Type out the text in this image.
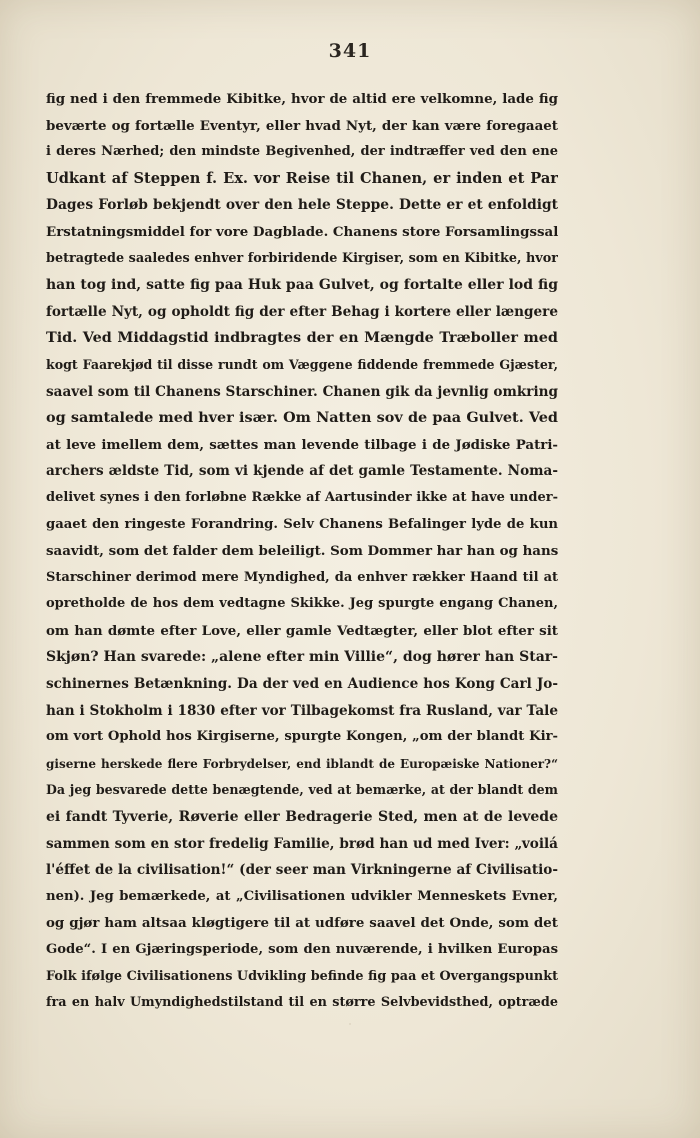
341
fig ned i den fremmede Kibitke, hvor de altid ere velkomne, lade fig
beværte og fortælle Eventyr, eller hvad Nyt, der kan være foregaaet
i deres Nærhed; den mindste Begivenhed, der indtræffer ved den ene
Udkant af Steppen f. Ex. vor Reise til Chanen, er inden et Par
Dages Forløb bekjendt over den hele Steppe. Dette er et enfoldigt
Erstatningsmiddel for vore Dagblade. Chanens store Forsamlingssal
betragtede saaledes enhver forbiridende Kirgiser, som en Kibitke, hvor
han tog ind, satte fig paa Huk paa Gulvet, og fortalte eller lod fig
fortælle Nyt, og opholdt fig der efter Behag i kortere eller længere
Tid. Ved Middagstid indbragtes der en Mængde Træboller med
kogt Faarekjød til disse rundt om Væggene fiddende fremmede Gjæster,
saavel som til Chanens Starschiner. Chanen gik da jevnlig omkring
og samtalede med hver især. Om Natten sov de paa Gulvet. Ved
at leve imellem dem, sættes man levende tilbage i de Jødiske Patri-
archers ældste Tid, som vi kjende af det gamle Testamente. Noma-
delivet synes i den forløbne Række af Aartusinder ikke at have under-
gaaet den ringeste Forandring. Selv Chanens Befalinger lyde de kun
saavidt, som det falder dem beleiligt. Som Dommer har han og hans
Starschiner derimod mere Myndighed, da enhver rækker Haand til at
opretholde de hos dem vedtagne Skikke. Jeg spurgte engang Chanen,
om han dømte efter Love, eller gamle Vedtægter, eller blot efter sit
Skjøn? Han svarede: „alene efter min Villie“, dog hører han Star-
schinernes Betænkning. Da der ved en Audience hos Kong Carl Jo-
han i Stokholm i 1830 efter vor Tilbagekomst fra Rusland, var Tale
om vort Ophold hos Kirgiserne, spurgte Kongen, „om der blandt Kir-
giserne herskede flere Forbrydelser, end iblandt de Europæiske Nationer?“
Da jeg besvarede dette benægtende, ved at bemærke, at der blandt dem
ei fandt Tyverie, Røverie eller Bedragerie Sted, men at de levede
sammen som en stor fredelig Familie, brød han ud med Iver: „voilá
l'éffet de la civilisation!“ (der seer man Virkningerne af Civilisatio-
nen). Jeg bemærkede, at „Civilisationen udvikler Menneskets Evner,
og gjør ham altsaa kløgtigere til at udføre saavel det Onde, som det
Gode“. I en Gjæringsperiode, som den nuværende, i hvilken Europas
Folk ifølge Civilisationens Udvikling befinde fig paa et Overgangspunkt
fra en halv Umyndighedstilstand til en større Selvbevidsthed, optræde
·
